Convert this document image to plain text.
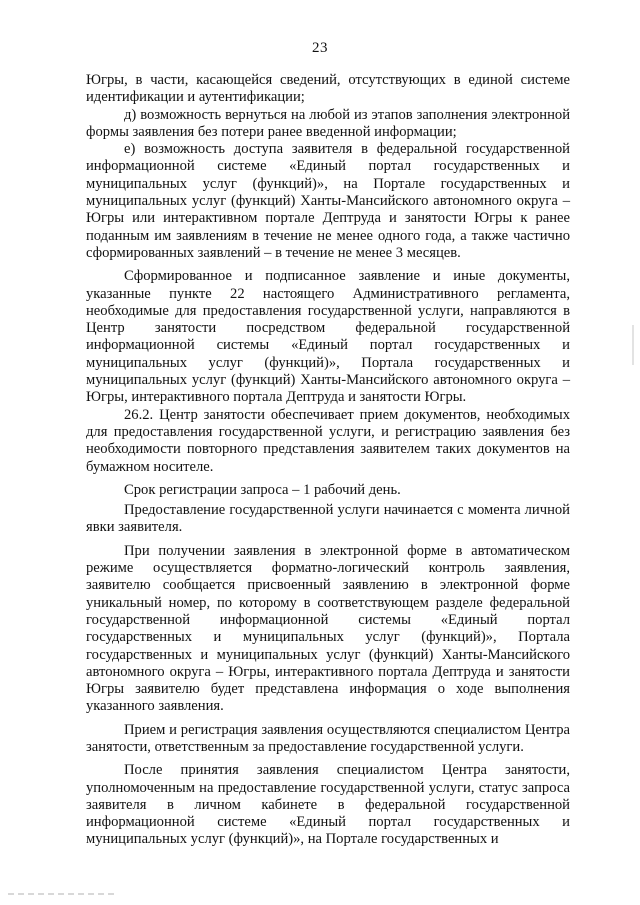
23

Югры, в части, касающейся сведений, отсутствующих в единой системе идентификации и аутентификации;

д) возможность вернуться на любой из этапов заполнения электронной формы заявления без потери ранее введенной информации;

е) возможность доступа заявителя в федеральной государственной информационной системе «Единый портал государственных и муниципальных услуг (функций)», на Портале государственных и муниципальных услуг (функций) Ханты-Мансийского автономного округа – Югры или интерактивном портале Дептруда и занятости Югры к ранее поданным им заявлениям в течение не менее одного года, а также частично сформированных заявлений – в течение не менее 3 месяцев.

Сформированное и подписанное заявление и иные документы, указанные пункте 22 настоящего Административного регламента, необходимые для предоставления государственной услуги, направляются в Центр занятости посредством федеральной государственной информационной системы «Единый портал государственных и муниципальных услуг (функций)», Портала государственных и муниципальных услуг (функций) Ханты-Мансийского автономного округа – Югры, интерактивного портала Дептруда и занятости Югры.

26.2. Центр занятости обеспечивает прием документов, необходимых для предоставления государственной услуги, и регистрацию заявления без необходимости повторного представления заявителем таких документов на бумажном носителе.

Срок регистрации запроса – 1 рабочий день.

Предоставление государственной услуги начинается с момента личной явки заявителя.

При получении заявления в электронной форме в автоматическом режиме осуществляется форматно-логический контроль заявления, заявителю сообщается присвоенный заявлению в электронной форме уникальный номер, по которому в соответствующем разделе федеральной государственной информационной системы «Единый портал государственных и муниципальных услуг (функций)», Портала государственных и муниципальных услуг (функций) Ханты-Мансийского автономного округа – Югры, интерактивного портала Дептруда и занятости Югры заявителю будет представлена информация о ходе выполнения указанного заявления.

Прием и регистрация заявления осуществляются специалистом Центра занятости, ответственным за предоставление государственной услуги.

После принятия заявления специалистом Центра занятости, уполномоченным на предоставление государственной услуги, статус запроса заявителя в личном кабинете в федеральной государственной информационной системе «Единый портал государственных и муниципальных услуг (функций)», на Портале государственных и
